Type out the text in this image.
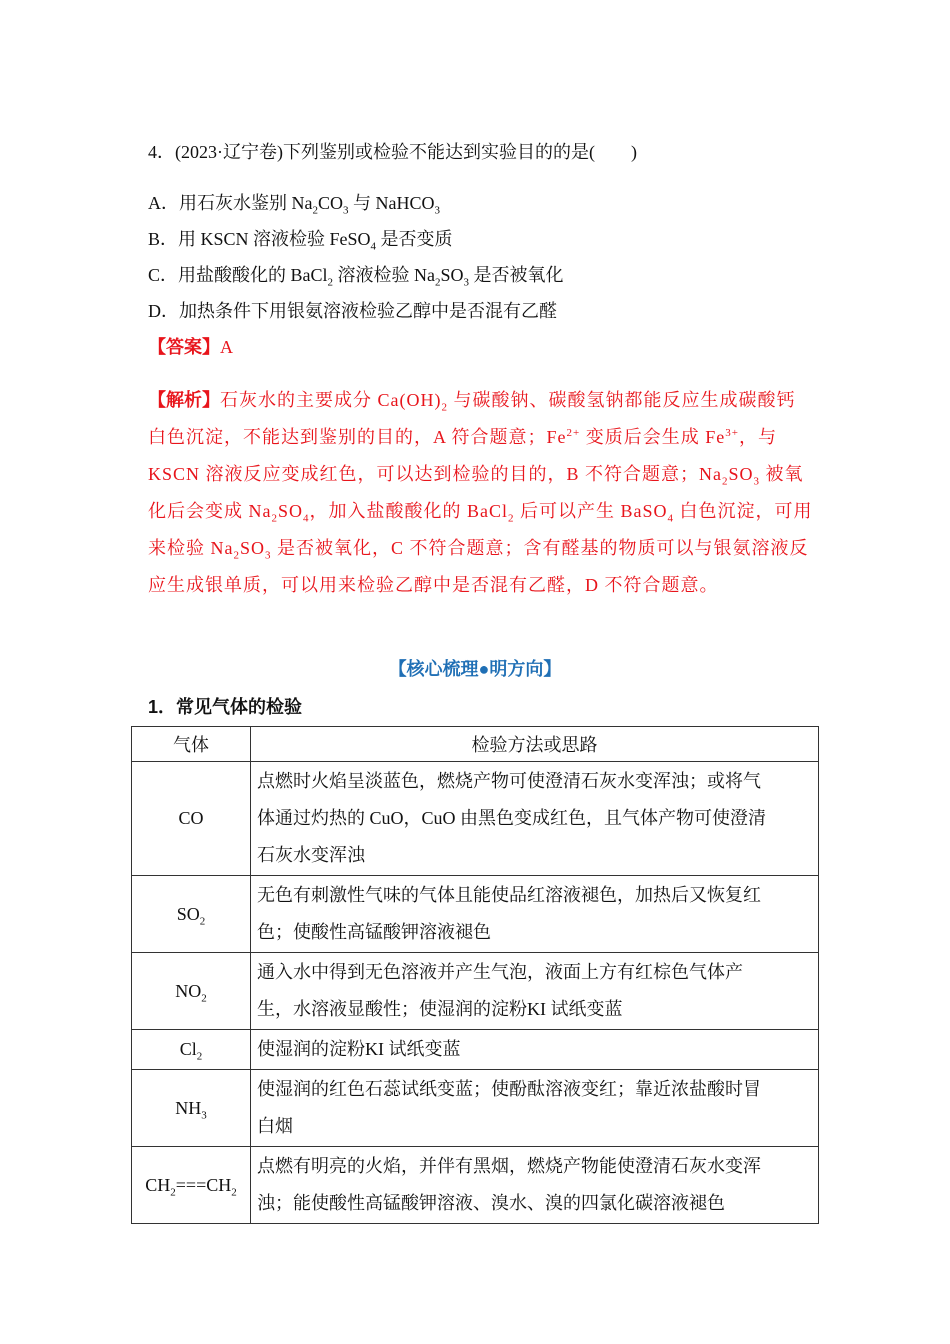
4．(2023·辽宁卷)下列鉴别或检验不能达到实验目的的是(　　)
A．用石灰水鉴别 $Na_2CO_3$ 与 NaHCO$_3$
B．用 KSCN 溶液检验 FeSO$_4$ 是否变质
C．用盐酸酸化的 BaCl$_2$ 溶液检验 $Na_2SO_3$ 是否被氧化
D．加热条件下用银氨溶液检验乙醇中是否混有乙醛
【答案】A
【解析】石灰水的主要成分 $Ca(OH)_2$ 与碳酸钠、碳酸氢钠都能反应生成碳酸钙
白色沉淀，不能达到鉴别的目的，A 符合题意；$Fe^{2+}$ 变质后会生成 $Fe^{3+}$，与
KSCN 溶液反应变成红色，可以达到检验的目的，B 不符合题意；$Na_2SO_3$ 被氧
化后会变成 $Na_2SO_4$，加入盐酸酸化的 BaCl$_2$ 后可以产生 BaSO$_4$ 白色沉淀，可用
来检验 $Na_2SO_3$ 是否被氧化，C 不符合题意；含有醛基的物质可以与银氨溶液反
应生成银单质，可以用来检验乙醇中是否混有乙醛，D 不符合题意。
【核心梳理●明方向】
1．常见气体的检验
气体	检验方法或思路
CO	点燃时火焰呈淡蓝色，燃烧产物可使澄清石灰水变浑浊；或将气
体通过灼热的 CuO，CuO 由黑色变成红色，且气体产物可使澄清
石灰水变浑浊

$SO_2$	无色有刺激性气味的气体且能使品红溶液褪色，加热后又恢复红
色；使酸性高锰酸钾溶液褪色

$NO_2$	通入水中得到无色溶液并产生气泡，液面上方有红棕色气体产
生，水溶液显酸性；使湿润的淀粉KI 试纸变蓝

$Cl_2$	使湿润的淀粉KI 试纸变蓝

$NH_3$	使湿润的红色石蕊试纸变蓝；使酚酞溶液变红；靠近浓盐酸时冒
白烟

$CH_2===CH_2$	点燃有明亮的火焰，并伴有黑烟，燃烧产物能使澄清石灰水变浑
浊；能使酸性高锰酸钾溶液、溴水、溴的四氯化碳溶液褪色
